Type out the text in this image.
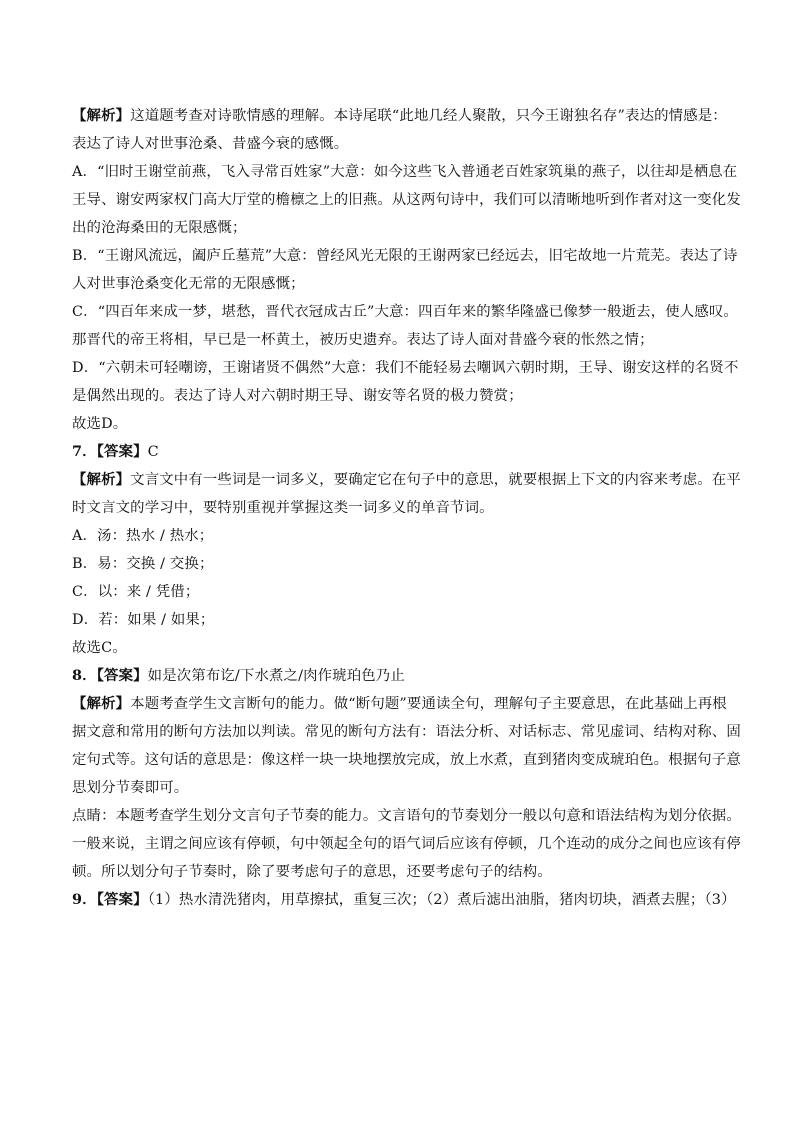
【解析】这道题考查对诗歌情感的理解。本诗尾联“此地几经人聚散，只今王谢独名存”表达的情感是：
表达了诗人对世事沧桑、昔盛今衰的感慨。
A．“旧时王谢堂前燕，飞入寻常百姓家”大意：如今这些飞入普通老百姓家筑巢的燕子，以往却是栖息在
王导、谢安两家权门高大厅堂的檐檩之上的旧燕。从这两句诗中，我们可以清晰地听到作者对这一变化发
出的沧海桑田的无限感慨；
B．“王谢风流远，阖庐丘墓荒”大意：曾经风光无限的王谢两家已经远去，旧宅故地一片荒芜。表达了诗
人对世事沧桑变化无常的无限感慨；
C．“四百年来成一梦，堪愁，晋代衣冠成古丘”大意：四百年来的繁华隆盛已像梦一般逝去，使人感叹。
那晋代的帝王将相，早已是一杯黄土，被历史遗弃。表达了诗人面对昔盛今衰的怅然之情；
D．“六朝未可轻嘲谤，王谢诸贤不偶然”大意：我们不能轻易去嘲讽六朝时期，王导、谢安这样的名贤不
是偶然出现的。表达了诗人对六朝时期王导、谢安等名贤的极力赞赏；
故选D。
7．【答案】C
【解析】文言文中有一些词是一词多义，要确定它在句子中的意思，就要根据上下文的内容来考虑。在平
时文言文的学习中，要特别重视并掌握这类一词多义的单音节词。
A．汤：热水 / 热水；
B．易：交换 / 交换；
C．以：来 / 凭借；
D．若：如果 / 如果；
故选C。
8．【答案】如是次第布讫/下水煮之/肉作琥珀色乃止
【解析】本题考查学生文言断句的能力。做“断句题”要通读全句，理解句子主要意思，在此基础上再根
据文意和常用的断句方法加以判读。常见的断句方法有：语法分析、对话标志、常见虚词、结构对称、固
定句式等。这句话的意思是：像这样一块一块地摆放完成，放上水煮，直到猪肉变成琥珀色。根据句子意
思划分节奏即可。
点睛：本题考查学生划分文言句子节奏的能力。文言语句的节奏划分一般以句意和语法结构为划分依据。
一般来说，主谓之间应该有停顿，句中领起全句的语气词后应该有停顿，几个连动的成分之间也应该有停
顿。所以划分句子节奏时，除了要考虑句子的意思，还要考虑句子的结构。
9．【答案】（1）热水清洗猪肉，用草擦拭，重复三次；（2）煮后滤出油脂，猪肉切块，酒煮去腥；（3）
